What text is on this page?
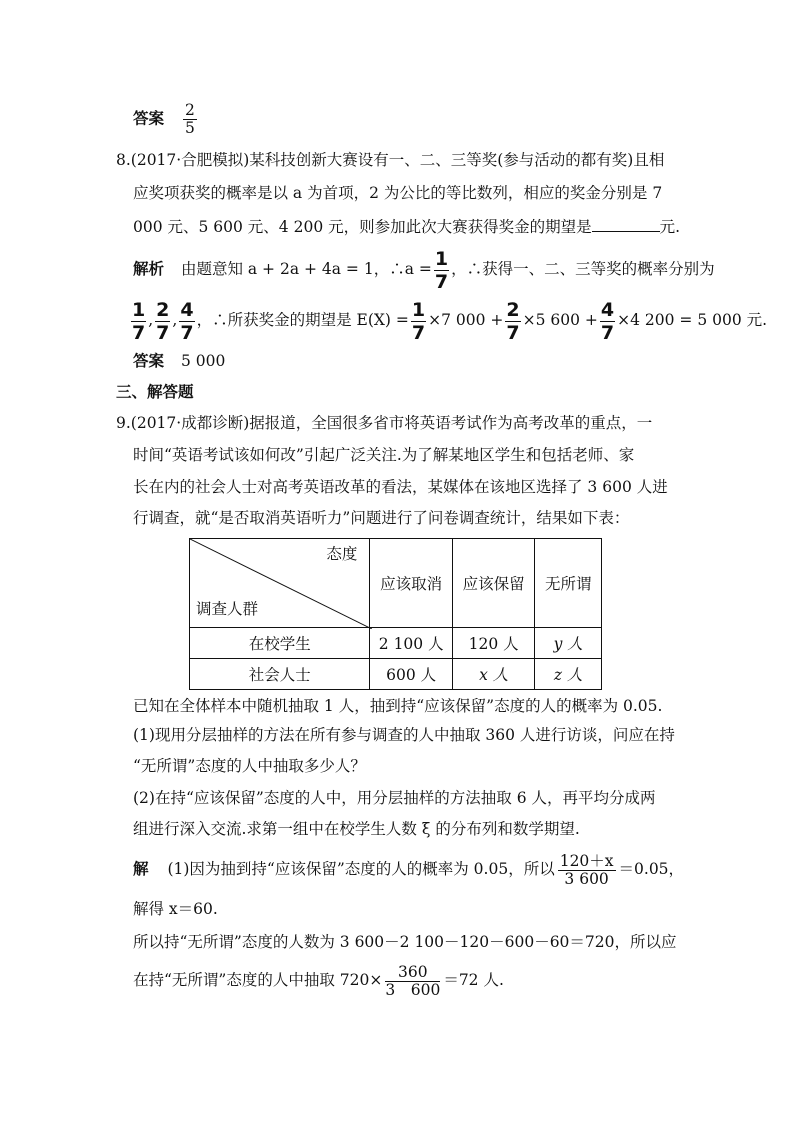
答案 $\frac{2}{5}$
8.(2017·合肥模拟)某科技创新大赛设有一、二、三等奖(参与活动的都有奖)且相
应奖项获奖的概率是以 a 为首项，2 为公比的等比数列，相应的奖金分别是 7
000 元、5 600 元、4 200 元，则参加此次大赛获得奖金的期望是	元.
解析 由题意知 a + 2a + 4a = 1，∴a = $\frac{1}{7}$ ，∴获得一、二、三等奖的概率分别为
$\frac{1}{7}$ , $\frac{2}{7}$ , $\frac{4}{7}$ ，∴所获奖金的期望是 $E(X) = \frac{1}{7} \times 7$ $000 + \frac{2}{7} \times 5$ $600 + \frac{4}{7} \times 4$ 200 = 5 000 元.
答案 5 000
三、解答题
9.(2017·成都诊断)据报道，全国很多省市将英语考试作为高考改革的重点，一
时间“英语考试该如何改”引起广泛关注.为了解某地区学生和包括老师、家
长在内的社会人士对高考英语改革的看法，某媒体在该地区选择了 3 600 人进
行调查，就“是否取消英语听力”问题进行了问卷调查统计，结果如下表：
态度
调查人群	应该取消	应该保留	无所谓
在校学生	2 100 人	120 人	y 人
社会人士	600 人	x 人	z 人
已知在全体样本中随机抽取 1 人，抽到持“应该保留”态度的人的概率为 0.05.
(1)现用分层抽样的方法在所有参与调查的人中抽取 360 人进行访谈，问应在持
“无所谓”态度的人中抽取多少人？
(2)在持“应该保留”态度的人中，用分层抽样的方法抽取 6 人，再平均分成两
组进行深入交流.求第一组中在校学生人数 ξ 的分布列和数学期望.
解 (1)因为抽到持“应该保留”态度的人的概率为 0.05，所以 $\frac{120+x}{3 600} =0.05$，
解得 x＝60.
所以持“无所谓”态度的人数为 3 600－2 100－120－600－60＝720，所以应
在持“无所谓”态度的人中抽取 $720\times \frac{360}{3 600} =72$ 人.
